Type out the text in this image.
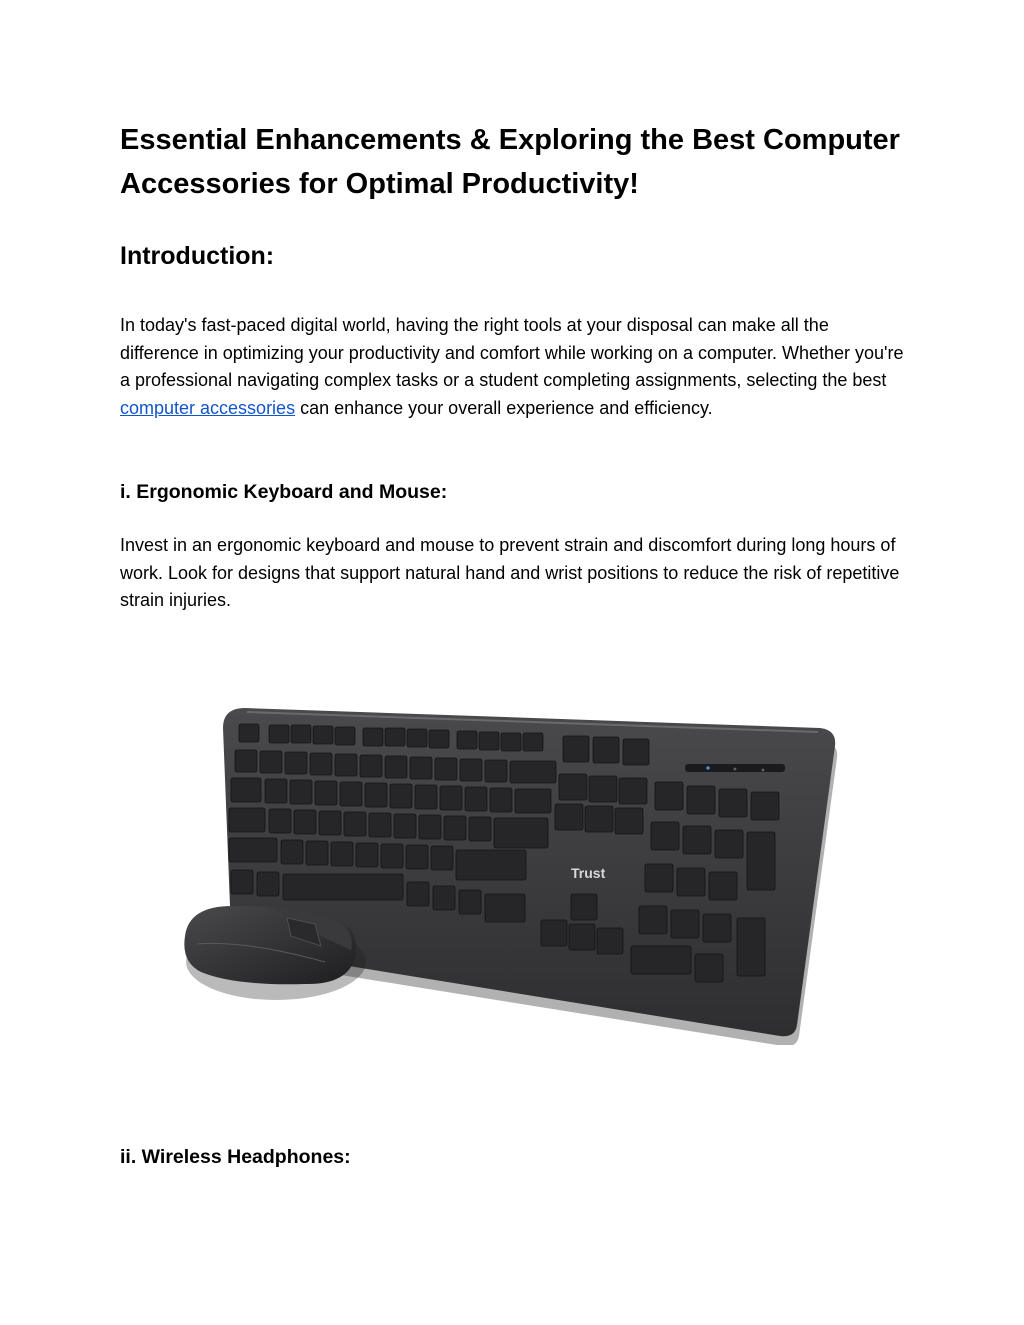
Essential Enhancements & Exploring the Best Computer Accessories for Optimal Productivity!
Introduction:

In today's fast-paced digital world, having the right tools at your disposal can make all the difference in optimizing your productivity and comfort while working on a computer. Whether you're a professional navigating complex tasks or a student completing assignments, selecting the best computer accessories can enhance your overall experience and efficiency.

i. Ergonomic Keyboard and Mouse:

Invest in an ergonomic keyboard and mouse to prevent strain and discomfort during long hours of work. Look for designs that support natural hand and wrist positions to reduce the risk of repetitive strain injuries.

Trust
ii. Wireless Headphones:
